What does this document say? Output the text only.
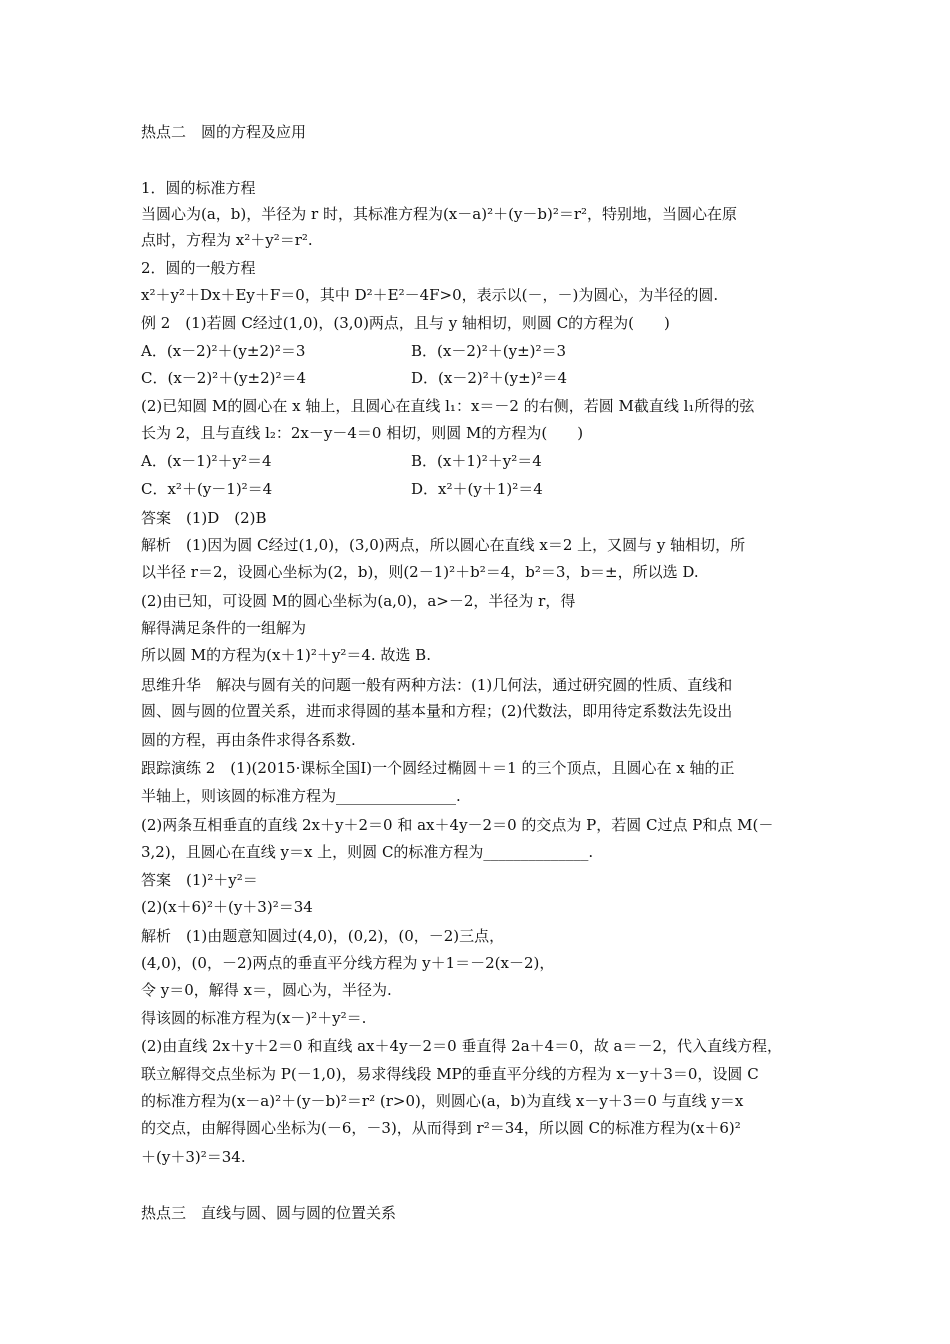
热点二　圆的方程及应用
1．圆的标准方程
当圆心为(a，b)，半径为 r 时，其标准方程为(x－a)²＋(y－b)²＝r²，特别地，当圆心在原
点时，方程为 x²＋y²＝r².
2．圆的一般方程
x²＋y²＋Dx＋Ey＋F＝0，其中 D²＋E²－4F>0，表示以(－，－)为圆心，为半径的圆.
例 2　(1)若圆 C经过(1,0)，(3,0)两点，且与 y 轴相切，则圆 C的方程为(　　)
A．(x－2)²＋(y±2)²＝3	B．(x－2)²＋(y±)²＝3
C．(x－2)²＋(y±2)²＝4	D．(x－2)²＋(y±)²＝4
(2)已知圆 M的圆心在 x 轴上，且圆心在直线 l₁：x＝－2 的右侧，若圆 M截直线 l₁所得的弦
长为 2，且与直线 l₂：2x－y－4＝0 相切，则圆 M的方程为(　　)
A．(x－1)²＋y²＝4	B．(x＋1)²＋y²＝4
C．x²＋(y－1)²＝4	D．x²＋(y＋1)²＝4
答案　(1)D　(2)B
解析　(1)因为圆 C经过(1,0)，(3,0)两点，所以圆心在直线 x＝2 上，又圆与 y 轴相切，所
以半径 r＝2，设圆心坐标为(2，b)，则(2－1)²＋b²＝4，b²＝3，b＝±，所以选 D.
(2)由已知，可设圆 M的圆心坐标为(a,0)，a>－2，半径为 r，得
解得满足条件的一组解为
所以圆 M的方程为(x＋1)²＋y²＝4. 故选 B.
思维升华　解决与圆有关的问题一般有两种方法：(1)几何法，通过研究圆的性质、直线和
圆、圆与圆的位置关系，进而求得圆的基本量和方程；(2)代数法，即用待定系数法先设出
圆的方程，再由条件求得各系数.
跟踪演练 2　(1)(2015·课标全国Ⅰ)一个圆经过椭圆＋＝1 的三个顶点，且圆心在 x 轴的正
半轴上，则该圆的标准方程为________________.
(2)两条互相垂直的直线 2x＋y＋2＝0 和 ax＋4y－2＝0 的交点为 P，若圆 C过点 P和点 M(－
3,2)，且圆心在直线 y＝x 上，则圆 C的标准方程为______________.
答案　(1)²＋y²＝
(2)(x＋6)²＋(y＋3)²＝34
解析　(1)由题意知圆过(4,0)，(0,2)，(0，－2)三点，
(4,0)，(0，－2)两点的垂直平分线方程为 y＋1＝－2(x－2)，
令 y＝0，解得 x＝，圆心为，半径为.
得该圆的标准方程为(x－)²＋y²＝.
(2)由直线 2x＋y＋2＝0 和直线 ax＋4y－2＝0 垂直得 2a＋4＝0，故 a＝－2，代入直线方程，
联立解得交点坐标为 P(－1,0)，易求得线段 MP的垂直平分线的方程为 x－y＋3＝0，设圆 C
的标准方程为(x－a)²＋(y－b)²＝r² (r>0)，则圆心(a，b)为直线 x－y＋3＝0 与直线 y＝x
的交点，由解得圆心坐标为(－6，－3)，从而得到 r²＝34，所以圆 C的标准方程为(x＋6)²
＋(y＋3)²＝34.
热点三　直线与圆、圆与圆的位置关系
